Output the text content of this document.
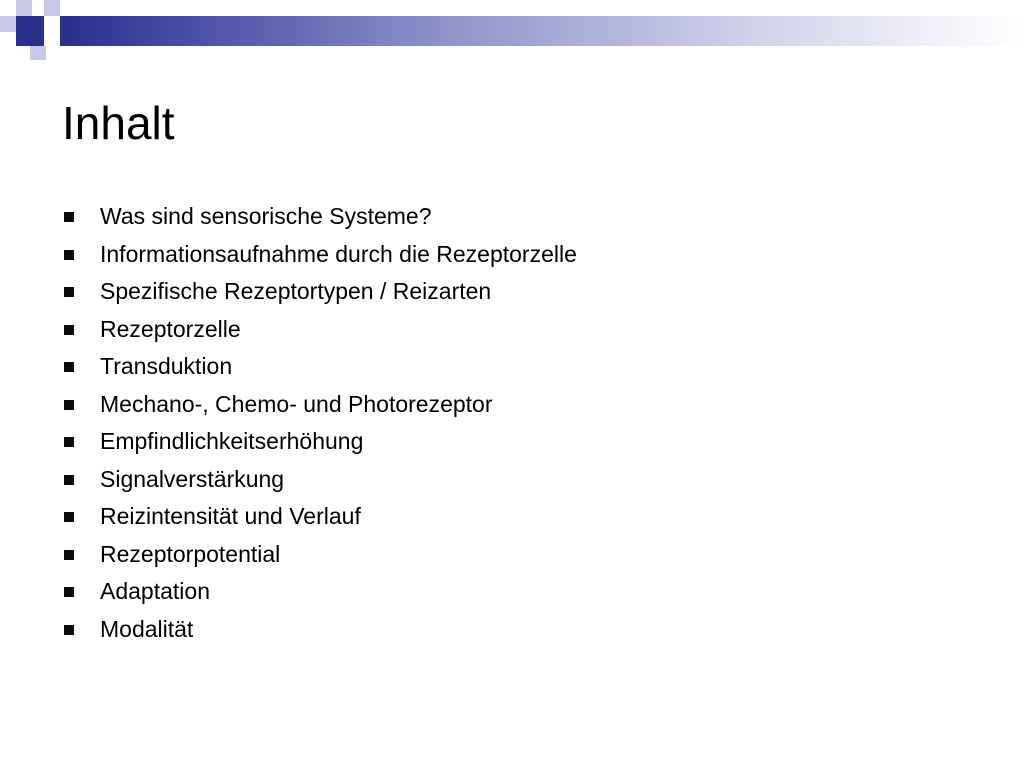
Inhalt
Was sind sensorische Systeme?
Informationsaufnahme durch die Rezeptorzelle
Spezifische Rezeptortypen / Reizarten
Rezeptorzelle
Transduktion
Mechano-, Chemo- und Photorezeptor
Empfindlichkeitserhöhung
Signalverstärkung
Reizintensität und Verlauf
Rezeptorpotential
Adaptation
Modalität
